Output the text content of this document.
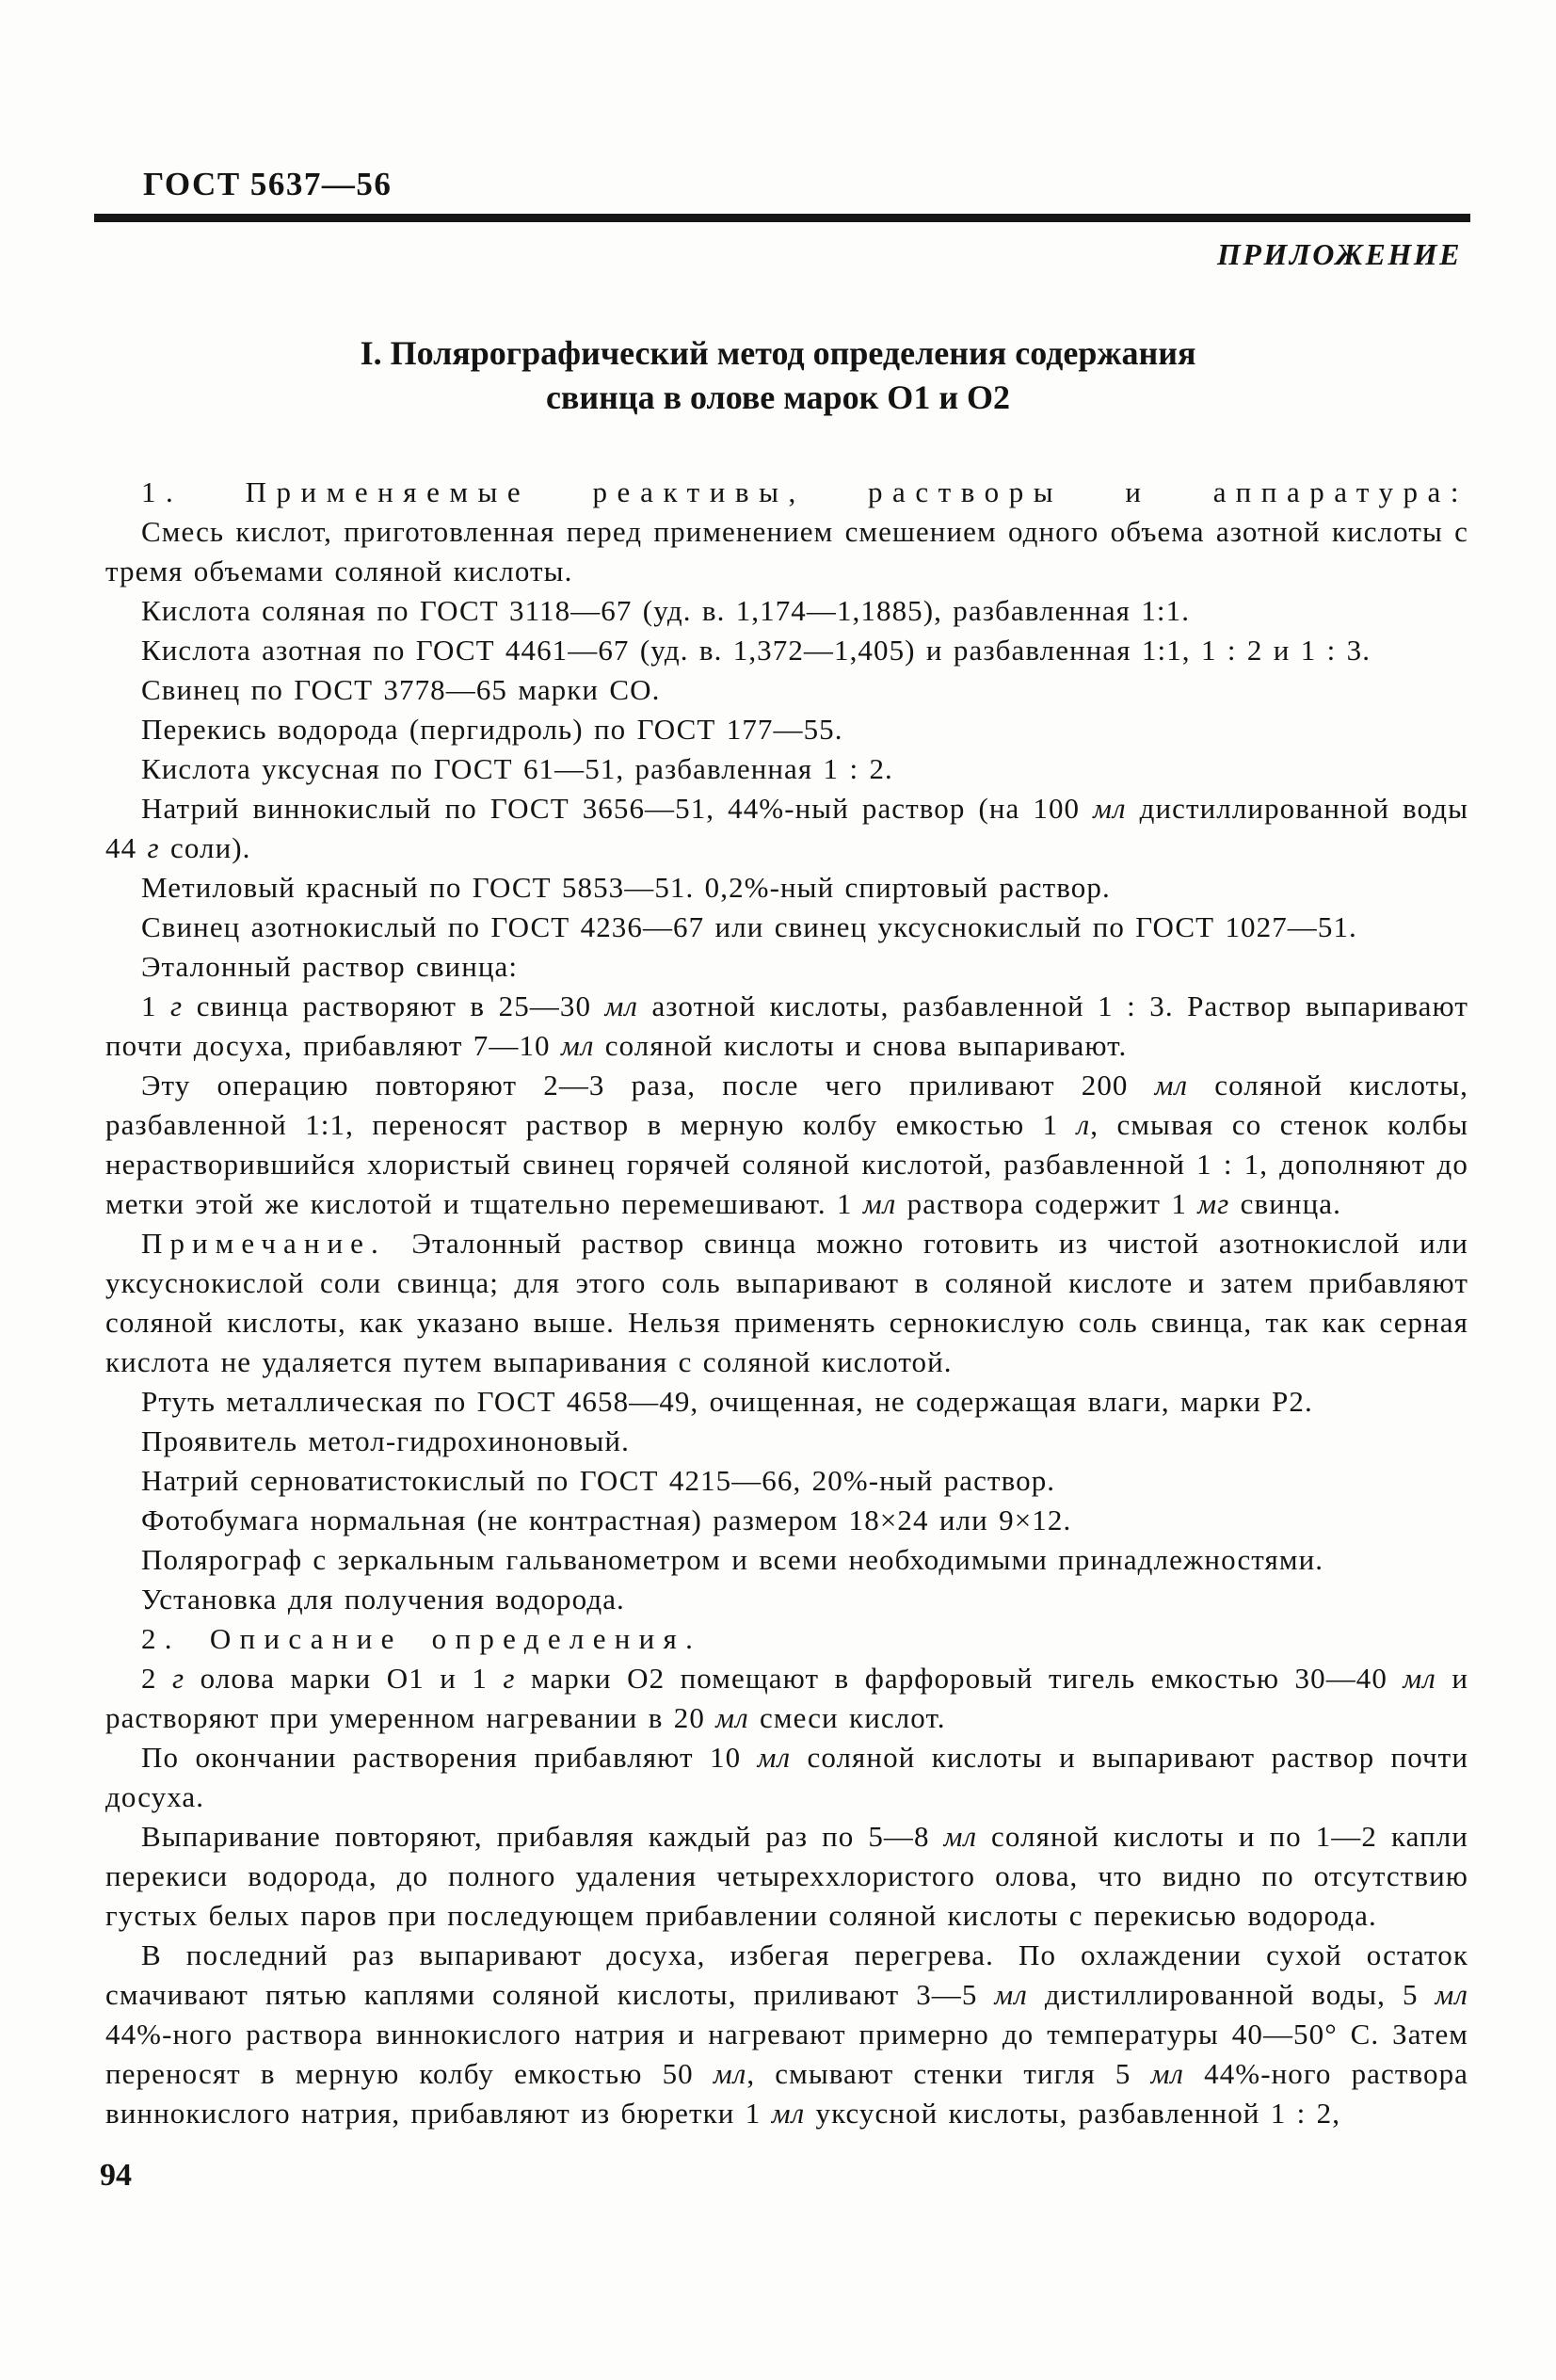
ГОСТ 5637—56
ПРИЛОЖЕНИЕ
I. Полярографический метод определения содержания
свинца в олове марок О1 и О2

1. Применяемые реактивы, растворы и аппаратура:

Смесь кислот, приготовленная перед применением смешением одного объема азотной кислоты с тремя объемами соляной кислоты.

Кислота соляная по ГОСТ 3118—67 (уд. в. 1,174—1,1885), разбавленная 1:1.

Кислота азотная по ГОСТ 4461—67 (уд. в. 1,372—1,405) и разбавленная 1:1, 1 : 2 и 1 : 3.

Свинец по ГОСТ 3778—65 марки СО.

Перекись водорода (пергидроль) по ГОСТ 177—55.

Кислота уксусная по ГОСТ 61—51, разбавленная 1 : 2.

Натрий виннокислый по ГОСТ 3656—51, 44%-ный раствор (на 100 мл дистиллированной воды 44 г соли).

Метиловый красный по ГОСТ 5853—51. 0,2%-ный спиртовый раствор.

Свинец азотнокислый по ГОСТ 4236—67 или свинец уксуснокислый по ГОСТ 1027—51.

Эталонный раствор свинца:

1 г свинца растворяют в 25—30 мл азотной кислоты, разбавленной 1 : 3. Раствор выпаривают почти досуха, прибавляют 7—10 мл соляной кислоты и снова выпаривают.

Эту операцию повторяют 2—3 раза, после чего приливают 200 мл соляной кислоты, разбавленной 1:1, переносят раствор в мерную колбу емкостью 1 л, смывая со стенок колбы нерастворившийся хлористый свинец горячей соляной кислотой, разбавленной 1 : 1, дополняют до метки этой же кислотой и тщательно перемешивают. 1 мл раствора содержит 1 мг свинца.

Примечание. Эталонный раствор свинца можно готовить из чистой азотнокислой или уксуснокислой соли свинца; для этого соль выпаривают в соляной кислоте и затем прибавляют соляной кислоты, как указано выше. Нельзя применять сернокислую соль свинца, так как серная кислота не удаляется путем выпаривания с соляной кислотой.

Ртуть металлическая по ГОСТ 4658—49, очищенная, не содержащая влаги, марки Р2.

Проявитель метол-гидрохиноновый.

Натрий серноватистокислый по ГОСТ 4215—66, 20%-ный раствор.

Фотобумага нормальная (не контрастная) размером 18×24 или 9×12.

Полярограф с зеркальным гальванометром и всеми необходимыми принадлежностями.

Установка для получения водорода.

2. Описание определения.

2 г олова марки О1 и 1 г марки О2 помещают в фарфоровый тигель емкостью 30—40 мл и растворяют при умеренном нагревании в 20 мл смеси кислот.

По окончании растворения прибавляют 10 мл соляной кислоты и выпаривают раствор почти досуха.

Выпаривание повторяют, прибавляя каждый раз по 5—8 мл соляной кислоты и по 1—2 капли перекиси водорода, до полного удаления четыреххлористого олова, что видно по отсутствию густых белых паров при последующем прибавлении соляной кислоты с перекисью водорода.

В последний раз выпаривают досуха, избегая перегрева. По охлаждении сухой остаток смачивают пятью каплями соляной кислоты, приливают 3—5 мл дистиллированной воды, 5 мл 44%-ного раствора виннокислого натрия и нагревают примерно до температуры 40—50° С. Затем переносят в мерную колбу емкостью 50 мл, смывают стенки тигля 5 мл 44%-ного раствора виннокислого натрия, прибавляют из бюретки 1 мл уксусной кислоты, разбавленной 1 : 2,

94
